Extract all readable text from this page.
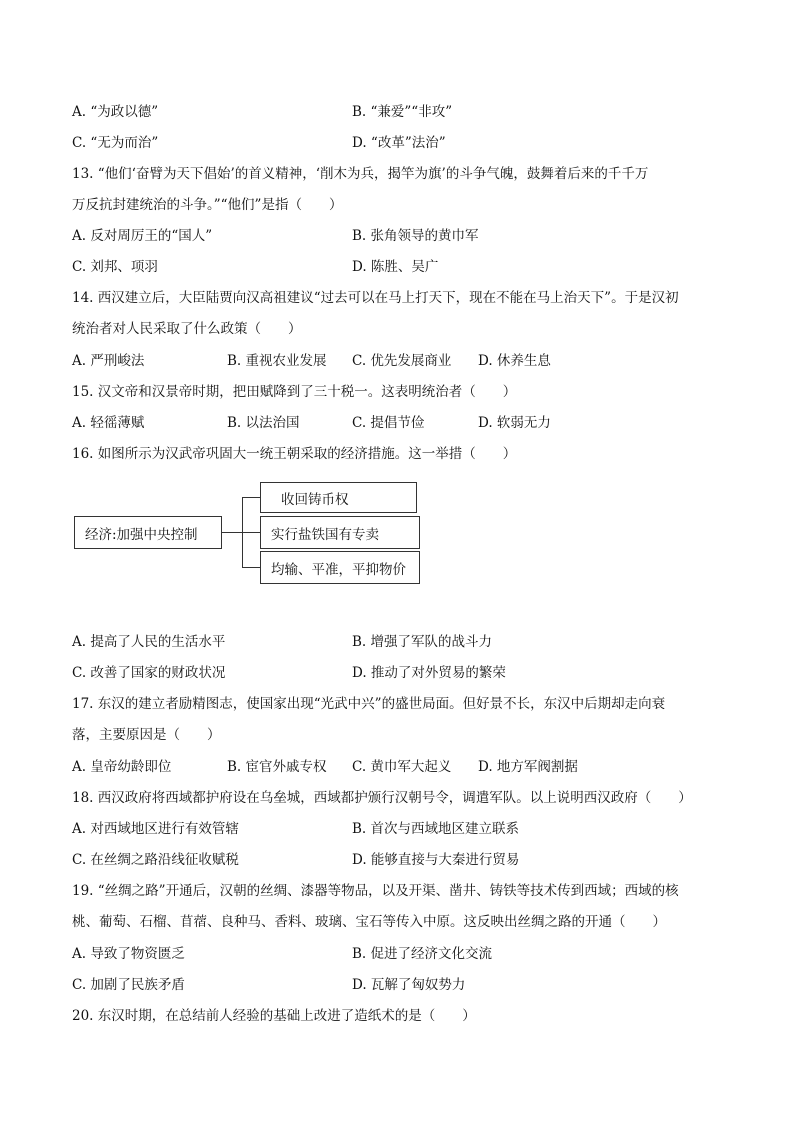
A. “为政以德”	B. “兼爱”“非攻”
C. “无为而治”	D. “改革”法治”
13. “他们‘奋臂为天下倡始’的首义精神，‘削木为兵，揭竿为旗’的斗争气魄，鼓舞着后来的千千万
万反抗封建统治的斗争。”“他们”是指（　　）
A. 反对周厉王的“国人”	B. 张角领导的黄巾军
C. 刘邦、项羽	D. 陈胜、吴广
14. 西汉建立后，大臣陆贾向汉高祖建议“过去可以在马上打天下，现在不能在马上治天下”。于是汉初
统治者对人民采取了什么政策（　　）
A. 严刑峻法	B. 重视农业发展 C. 优先发展商业 D. 休养生息
15. 汉文帝和汉景帝时期，把田赋降到了三十税一。这表明统治者（　　）
A. 轻徭薄赋	B. 以法治国	C. 提倡节俭	D. 软弱无力
16. 如图所示为汉武帝巩固大一统王朝采取的经济措施。这一举措（　　）
经济:加强中央控制
收回铸币权
实行盐铁国有专卖
均输、平准，平抑物价
A. 提高了人民的生活水平	B. 增强了军队的战斗力
C. 改善了国家的财政状况	D. 推动了对外贸易的繁荣
17. 东汉的建立者励精图志，使国家出现“光武中兴”的盛世局面。但好景不长，东汉中后期却走向衰
落，主要原因是（　　）
A. 皇帝幼龄即位	B. 宦官外戚专权 C. 黄巾军大起义 D. 地方军阀割据
18. 西汉政府将西域都护府设在乌垒城，西域都护颁行汉朝号令，调遣军队。以上说明西汉政府（　　）
A. 对西域地区进行有效管辖	B. 首次与西域地区建立联系
C. 在丝绸之路沿线征收赋税	D. 能够直接与大秦进行贸易
19. “丝绸之路”开通后，汉朝的丝绸、漆器等物品，以及开渠、凿井、铸铁等技术传到西域；西域的核
桃、葡萄、石榴、苜蓿、良种马、香料、玻璃、宝石等传入中原。这反映出丝绸之路的开通（　　）
A. 导致了物资匮乏	B. 促进了经济文化交流
C. 加剧了民族矛盾	D. 瓦解了匈奴势力
20. 东汉时期，在总结前人经验的基础上改进了造纸术的是（　　）
